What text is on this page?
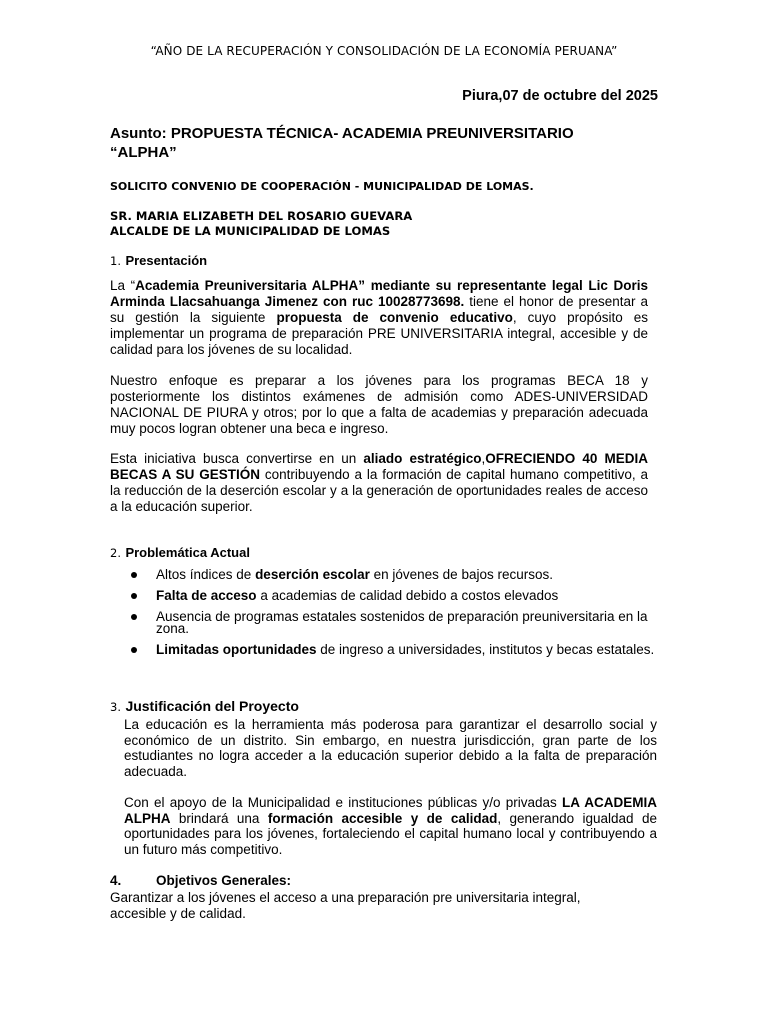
“AÑO DE LA RECUPERACIÓN Y CONSOLIDACIÓN DE LA ECONOMÍA PERUANA”

Piura,07 de octubre del 2025

Asunto: PROPUESTA TÉCNICA- ACADEMIA PREUNIVERSITARIO
“ALPHA”

SOLICITO CONVENIO DE COOPERACIÓN - MUNICIPALIDAD DE LOMAS.

SR. MARIA ELIZABETH DEL ROSARIO GUEVARA
ALCALDE DE LA MUNICIPALIDAD DE LOMAS

1. Presentación

La “Academia Preuniversitaria ALPHA” mediante su representante legal Lic Doris Arminda Llacsahuanga Jimenez con ruc 10028773698. tiene el honor de presentar a su gestión la siguiente propuesta de convenio educativo, cuyo propósito es implementar un programa de preparación PRE UNIVERSITARIA integral, accesible y de calidad para los jóvenes de su localidad.

Nuestro enfoque es preparar a los jóvenes para los programas BECA 18 y posteriormente los distintos exámenes de admisión como ADES-UNIVERSIDAD NACIONAL DE PIURA y otros; por lo que a falta de academias y preparación adecuada muy pocos logran obtener una beca e ingreso.

Esta iniciativa busca convertirse en un aliado estratégico,OFRECIENDO 40 MEDIA BECAS A SU GESTIÓN contribuyendo a la formación de capital humano competitivo, a la reducción de la deserción escolar y a la generación de oportunidades reales de acceso a la educación superior.

2. Problemática Actual

Altos índices de deserción escolar en jóvenes de bajos recursos.
Falta de acceso a academias de calidad debido a costos elevados
Ausencia de programas estatales sostenidos de preparación preuniversitaria en la zona.
Limitadas oportunidades de ingreso a universidades, institutos y becas estatales.

3. Justificación del Proyecto

La educación es la herramienta más poderosa para garantizar el desarrollo social y económico de un distrito. Sin embargo, en nuestra jurisdicción, gran parte de los estudiantes no logra acceder a la educación superior debido a la falta de preparación adecuada.

Con el apoyo de la Municipalidad e instituciones públicas y/o privadas LA ACADEMIA ALPHA brindará una formación accesible y de calidad, generando igualdad de oportunidades para los jóvenes, fortaleciendo el capital humano local y contribuyendo a un futuro más competitivo.

4.	Objetivos Generales:

Garantizar a los jóvenes el acceso a una preparación pre universitaria integral, accesible y de calidad.
